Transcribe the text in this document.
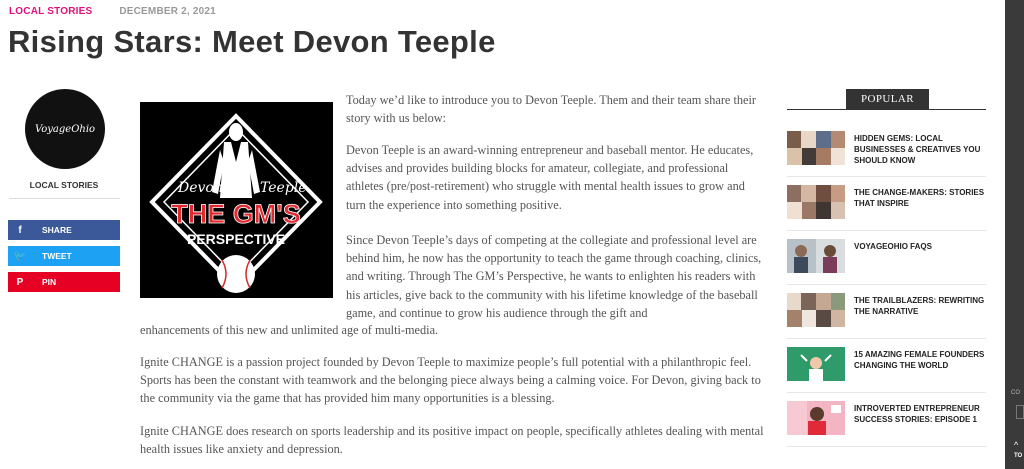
LOCAL STORIES	DECEMBER 2, 2021
Rising Stars: Meet Devon Teeple
VoyageOhio
LOCAL STORIES
f	SHARE
🐦	TWEET
P	PIN
Devon	Teeple
THE GM'S
PERSPECTIVE

Today we’d like to introduce you to Devon Teeple. Them and their team share their story with us below:

Devon Teeple is an award-winning entrepreneur and baseball mentor. He educates, advises and provides building blocks for amateur, collegiate, and professional athletes (pre/post-retirement) who struggle with mental health issues to grow and turn the experience into something positive.

Since Devon Teeple’s days of competing at the collegiate and professional level are behind him, he now has the opportunity to teach the game through coaching, clinics, and writing. Through The GM’s Perspective, he wants to enlighten his readers with his articles, give back to the community with his lifetime knowledge of the baseball game, and continue to grow his audience through the gift and

enhancements of this new and unlimited age of multi-media.

Ignite CHANGE is a passion project founded by Devon Teeple to maximize people’s full potential with a philanthropic feel. Sports has been the constant with teamwork and the belonging piece always being a calming voice. For Devon, giving back to the community via the game that has provided him many opportunities is a blessing.

Ignite CHANGE does research on sports leadership and its positive impact on people, specifically athletes dealing with mental health issues like anxiety and depression.

POPULAR
HIDDEN GEMS: LOCAL BUSINESSES & CREATIVES YOU SHOULD KNOW
THE CHANGE-MAKERS: STORIES THAT INSPIRE
VOYAGEOHIO FAQS
THE TRAILBLAZERS: REWRITING THE NARRATIVE
15 AMAZING FEMALE FOUNDERS CHANGING THE WORLD
INTROVERTED ENTREPRENEUR SUCCESS STORIES: EPISODE 1
CO
^
TO
